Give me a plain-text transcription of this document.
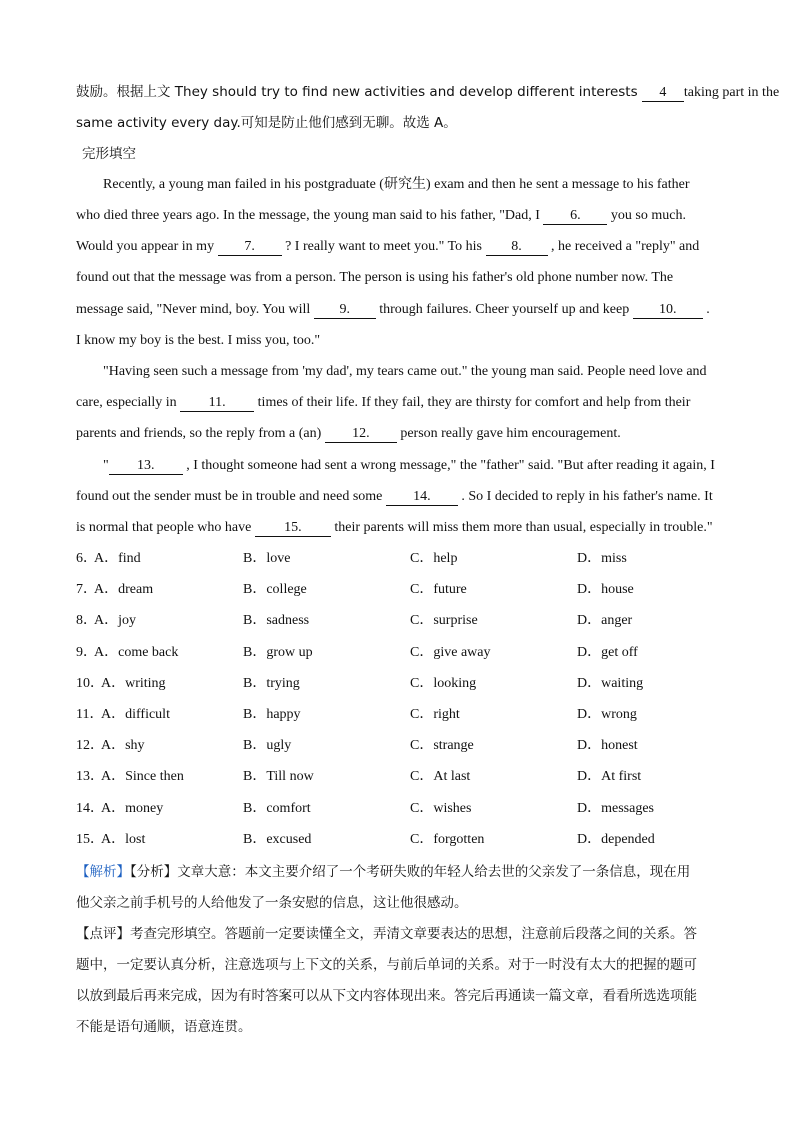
鼓励。根据上文 They should try to find new activities and develop different interests 4 taking part in the
same activity every day.可知是防止他们感到无聊。故选 A。
完形填空
Recently, a young man failed in his postgraduate (研究生) exam and then he sent a message to his father
who died three years ago. In the message, the young man said to his father, "Dad, I 6. you so much.
Would you appear in my 7. ? I really want to meet you." To his 8. , he received a "reply" and
found out that the message was from a person. The person is using his father's old phone number now. The
message said, "Never mind, boy. You will 9. through failures. Cheer yourself up and keep 10. .
I know my boy is the best. I miss you, too."
"Having seen such a message from 'my dad', my tears came out." the young man said. People need love and
care, especially in 11. times of their life. If they fail, they are thirsty for comfort and help from their
parents and friends, so the reply from a (an) 12. person really gave him encouragement.
" 13. , I thought someone had sent a wrong message," the "father" said. "But after reading it again, I
found out the sender must be in trouble and need some 14. . So I decided to reply in his father's name. It
is normal that people who have 15. their parents will miss them more than usual, especially in trouble."
6．
A．find	B．love	C．help	D．miss
7．
A．dream	B．college	C．future	D．house
8．
A．joy	B．sadness	C．surprise	D．anger
9．
A．come back	B．grow up	C．give away	D．get off
10．
A．writing	B．trying	C．looking	D．waiting
11．
A．difficult	B．happy	C．right	D．wrong
12．
A．shy	B．ugly	C．strange	D．honest
13．
A．Since then	B．Till now	C．At last	D．At first
14．
A．money	B．comfort	C．wishes	D．messages
15．
A．lost	B．excused	C．forgotten	D．depended
【解析】【分析】文章大意：本文主要介绍了一个考研失败的年轻人给去世的父亲发了一条信息，现在用
他父亲之前手机号的人给他发了一条安慰的信息，这让他很感动。
【点评】考查完形填空。答题前一定要读懂全文，弄清文章要表达的思想，注意前后段落之间的关系。答
题中，一定要认真分析，注意选项与上下文的关系，与前后单词的关系。对于一时没有太大的把握的题可
以放到最后再来完成，因为有时答案可以从下文内容体现出来。答完后再通读一篇文章，看看所选选项能
不能是语句通顺，语意连贯。
